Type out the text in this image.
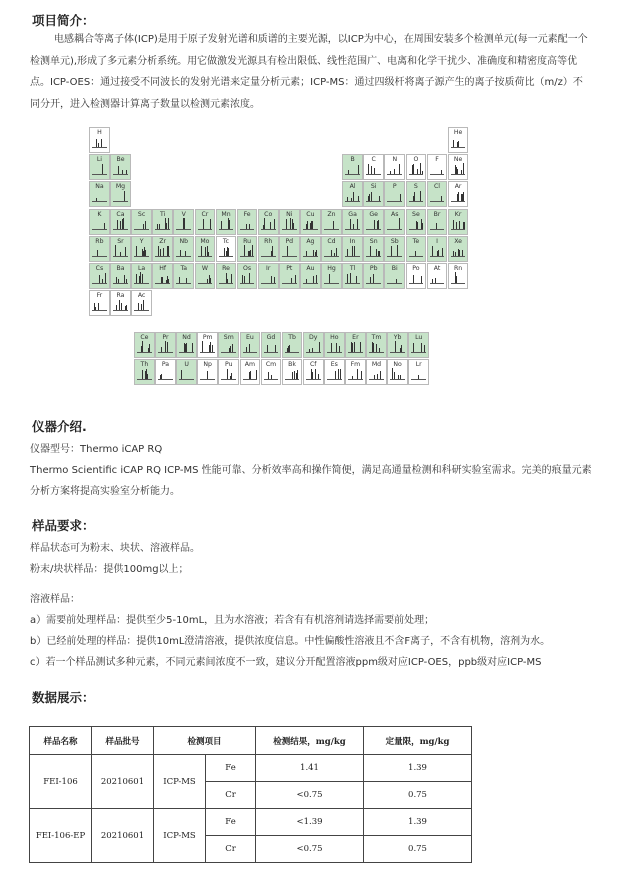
项目简介：

电感耦合等离子体(ICP)是用于原子发射光谱和质谱的主要光源，以ICP为中心，在周围安装多个检测单元(每一元素配一个检测单元),形成了多元素分析系统。用它做激发光源具有检出限低、线性范围广、电离和化学干扰少、准确度和精密度高等优点。ICP-OES：通过接受不同波长的发射光谱来定量分析元素；ICP-MS：通过四级杆将离子源产生的离子按质荷比（m/z）不同分开，进入检测器计算离子数量以检测元素浓度。

H	He
Li	Be	B	C	N	O	F	Ne
Na	Mg	Al	Si	P	S	Cl	Ar
K	Ca	Sc	Ti	V	Cr	Mn	Fe	Co	Ni	Cu	Zn	Ga	Ge	As	Se	Br	Kr
Rb	Sr	Y	Zr	Nb	Mo	Tc	Ru	Rh	Pd	Ag	Cd	In	Sn	Sb	Te	I	Xe
Cs	Ba	La	Hf	Ta	W	Re	Os	Ir	Pt	Au	Hg	Tl	Pb	Bi	Po	At	Rn
Fr	Ra	Ac
Ce	Pr	Nd	Pm	Sm	Eu	Gd	Tb	Dy	Ho	Er	Tm	Yb	Lu
Th	Pa	U	Np	Pu	Am	Cm	Bk	Cf	Es	Fm	Md	No	Lr
仪器介绍.

仪器型号：Thermo iCAP RQ

Thermo Scientific iCAP RQ ICP-MS 性能可靠、分析效率高和操作简便，满足高通量检测和科研实验室需求。完美的痕量元素分析方案将提高实验室分析能力。

样品要求：

样品状态可为粉末、块状、溶液样品。

粉末/块状样品：提供100mg以上；

溶液样品：

a）需要前处理样品：提供至少5-10mL，且为水溶液；若含有有机溶剂请选择需要前处理；

b）已经前处理的样品：提供10mL澄清溶液，提供浓度信息。中性偏酸性溶液且不含F离子，不含有机物，溶剂为水。

c）若一个样品测试多种元素，不同元素间浓度不一致，建议分开配置溶液ppm级对应ICP-OES，ppb级对应ICP-MS

数据展示：
样品名称	样品批号	检测项目		检测结果，mg/kg	定量限，mg/kg
FEI-106	20210601	ICP-MS	Fe	1.41	1.39
			Cr	<0.75	0.75
FEI-106-EP	20210601	ICP-MS	Fe	<1.39	1.39
			Cr	<0.75	0.75
